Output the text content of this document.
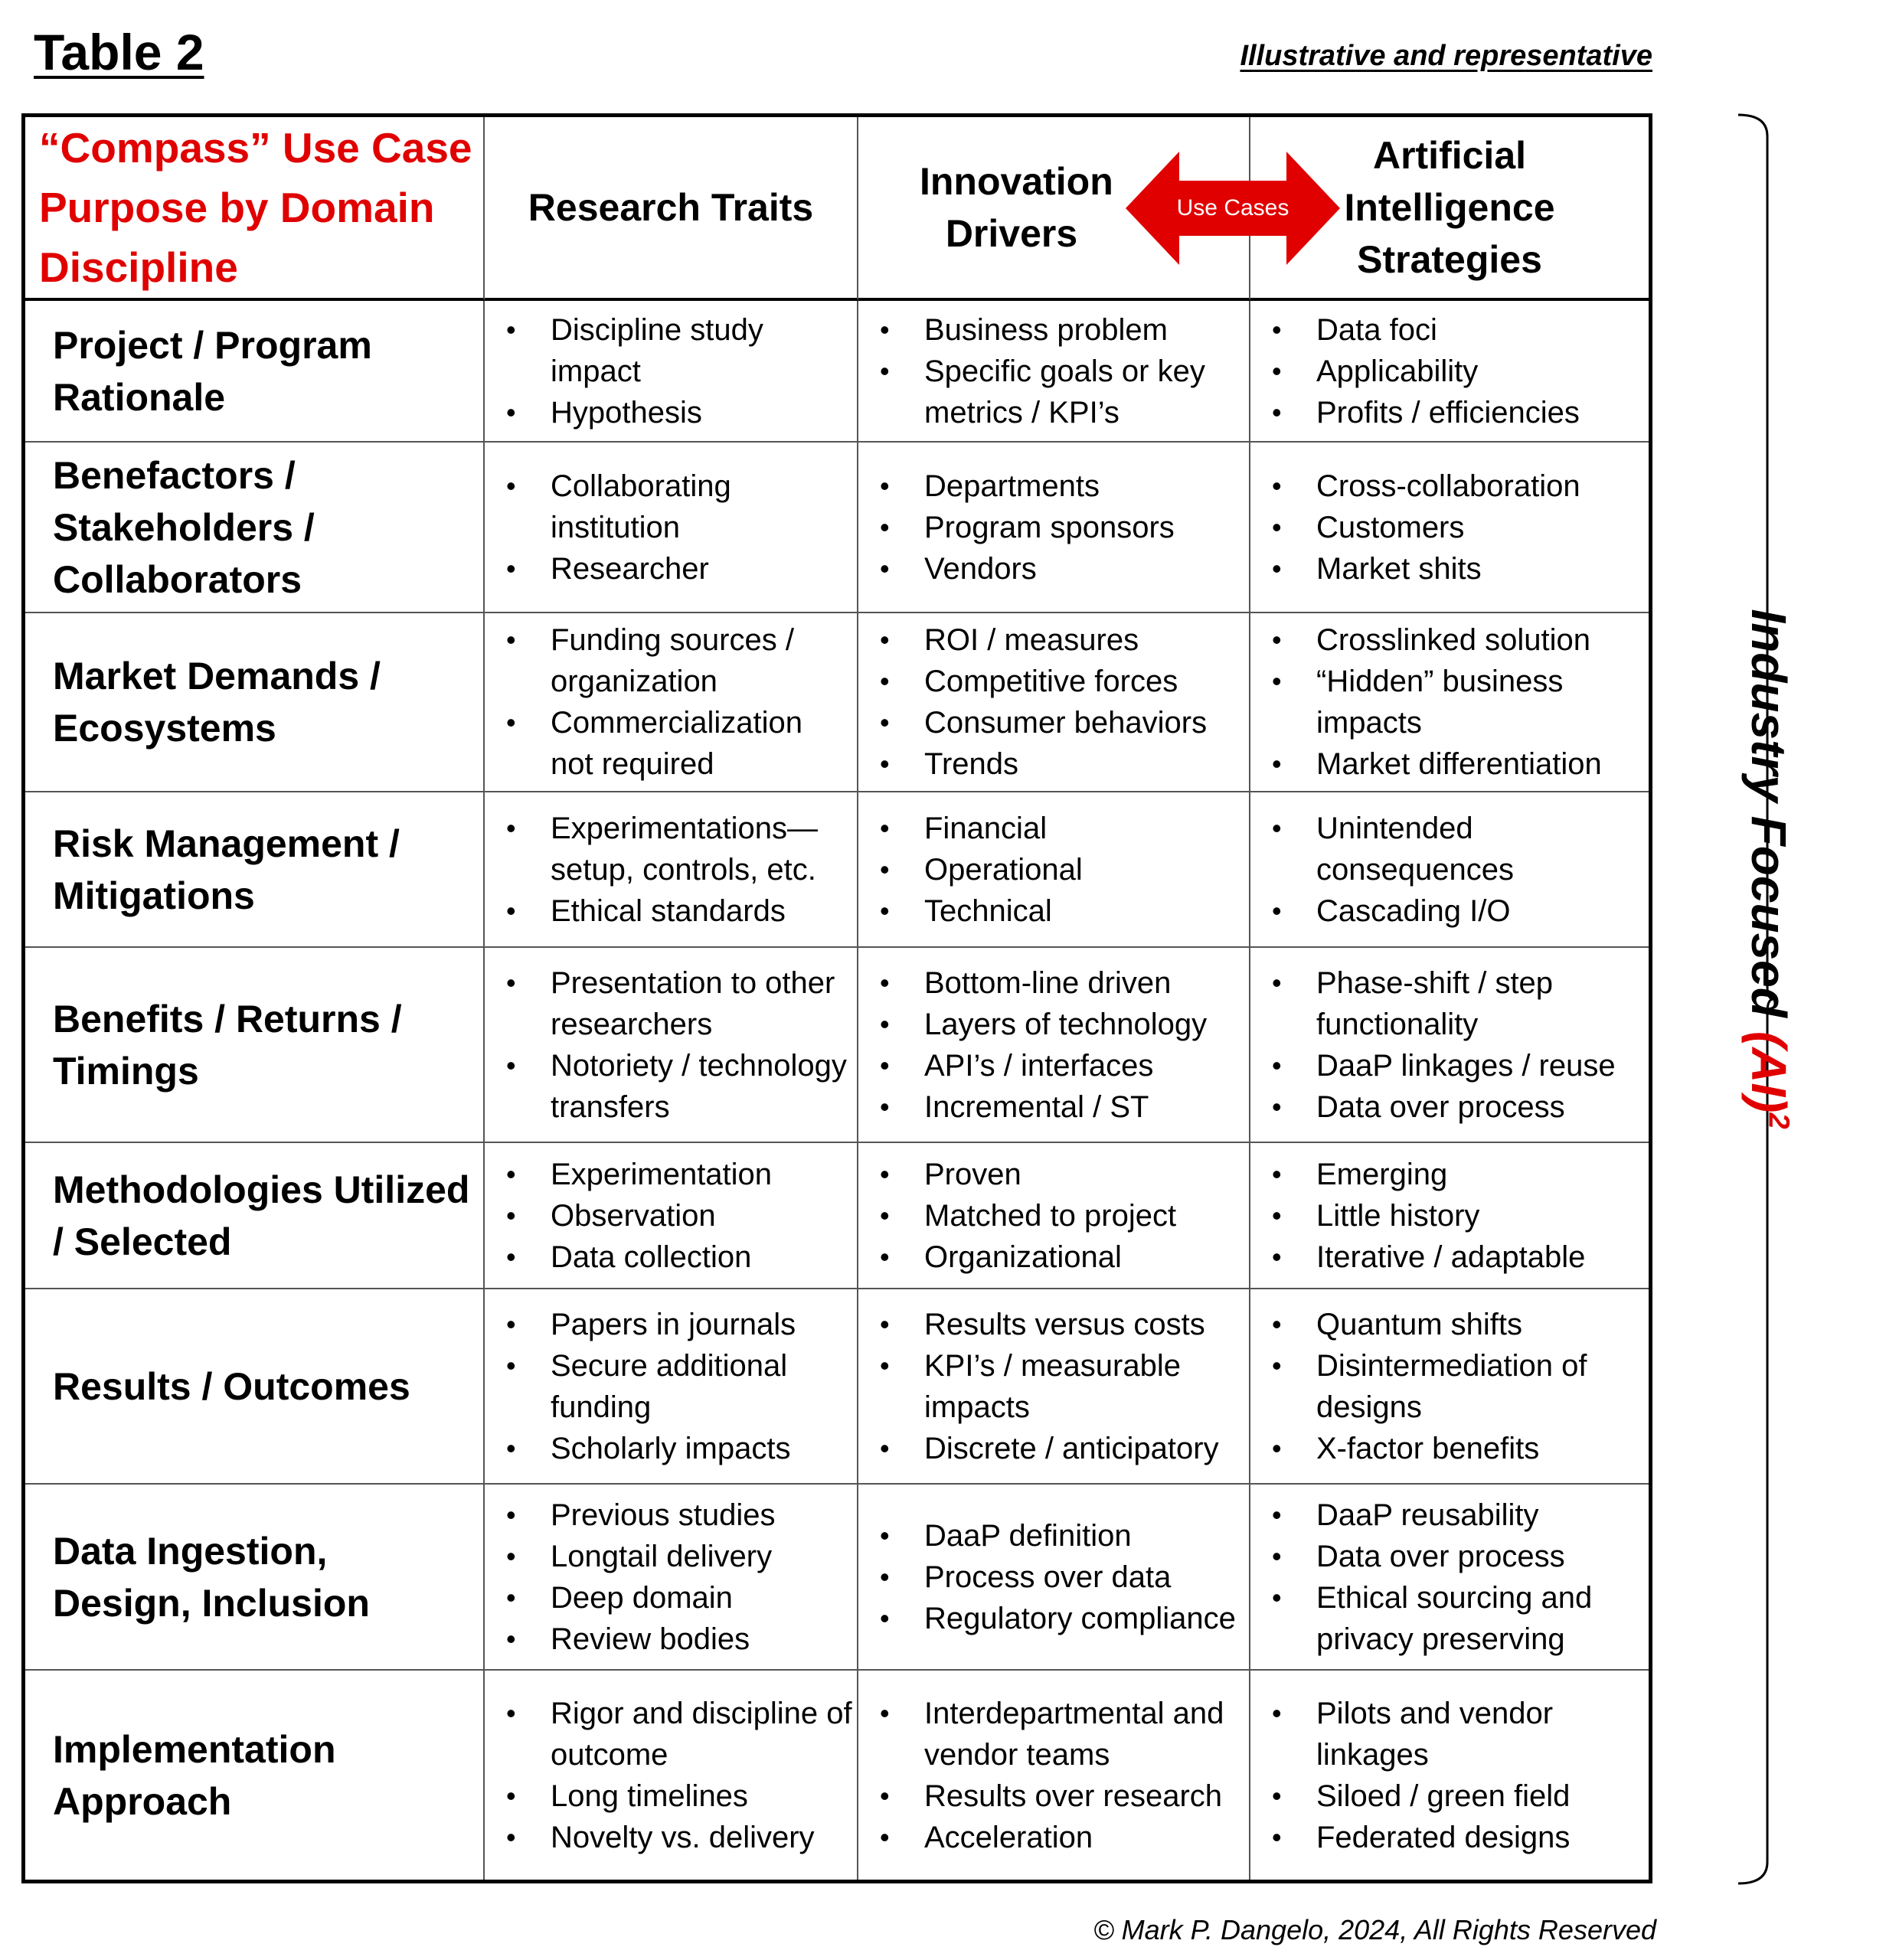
Table 2	Illustrative and representative
“Compass” Use Case Purpose by Domain Discipline
Research Traits
Innovation Drivers
Artificial Intelligence Strategies
Project / Program Rationale
• Discipline study impact
• Hypothesis
• Business problem
• Specific goals or key metrics / KPI’s
• Data foci
• Applicability
• Profits / efficiencies
Benefactors / Stakeholders / Collaborators
• Collaborating institution
• Researcher
• Departments
• Program sponsors
• Vendors
• Cross-collaboration
• Customers
• Market shits
Market Demands / Ecosystems
• Funding sources / organization
• Commercialization not required
• ROI / measures
• Competitive forces
• Consumer behaviors
• Trends
• Crosslinked solution
• “Hidden” business impacts
• Market differentiation
Risk Management / Mitigations
• Experimentations—setup, controls, etc.
• Ethical standards
• Financial
• Operational
• Technical
• Unintended consequences
• Cascading I/O
Benefits / Returns / Timings
• Presentation to other researchers
• Notoriety / technology transfers
• Bottom-line driven
• Layers of technology
• API’s / interfaces
• Incremental / ST
• Phase-shift / step functionality
• DaaP linkages / reuse
• Data over process
Methodologies Utilized / Selected
• Experimentation
• Observation
• Data collection
• Proven
• Matched to project
• Organizational
• Emerging
• Little history
• Iterative / adaptable
Results / Outcomes
• Papers in journals
• Secure additional funding
• Scholarly impacts
• Results versus costs
• KPI’s / measurable impacts
• Discrete / anticipatory
• Quantum shifts
• Disintermediation of designs
• X-factor benefits
Data Ingestion, Design, Inclusion
• Previous studies
• Longtail delivery
• Deep domain
• Review bodies
• DaaP definition
• Process over data
• Regulatory compliance
• DaaP reusability
• Data over process
• Ethical sourcing and privacy preserving
Implementation Approach
• Rigor and discipline of outcome
• Long timelines
• Novelty vs. delivery
• Interdepartmental and vendor teams
• Results over research
• Acceleration
• Pilots and vendor linkages
• Siloed / green field
• Federated designs
Use Cases
Industry Focused
(AI)$^2$
© Mark P. Dangelo, 2024, All Rights Reserved
